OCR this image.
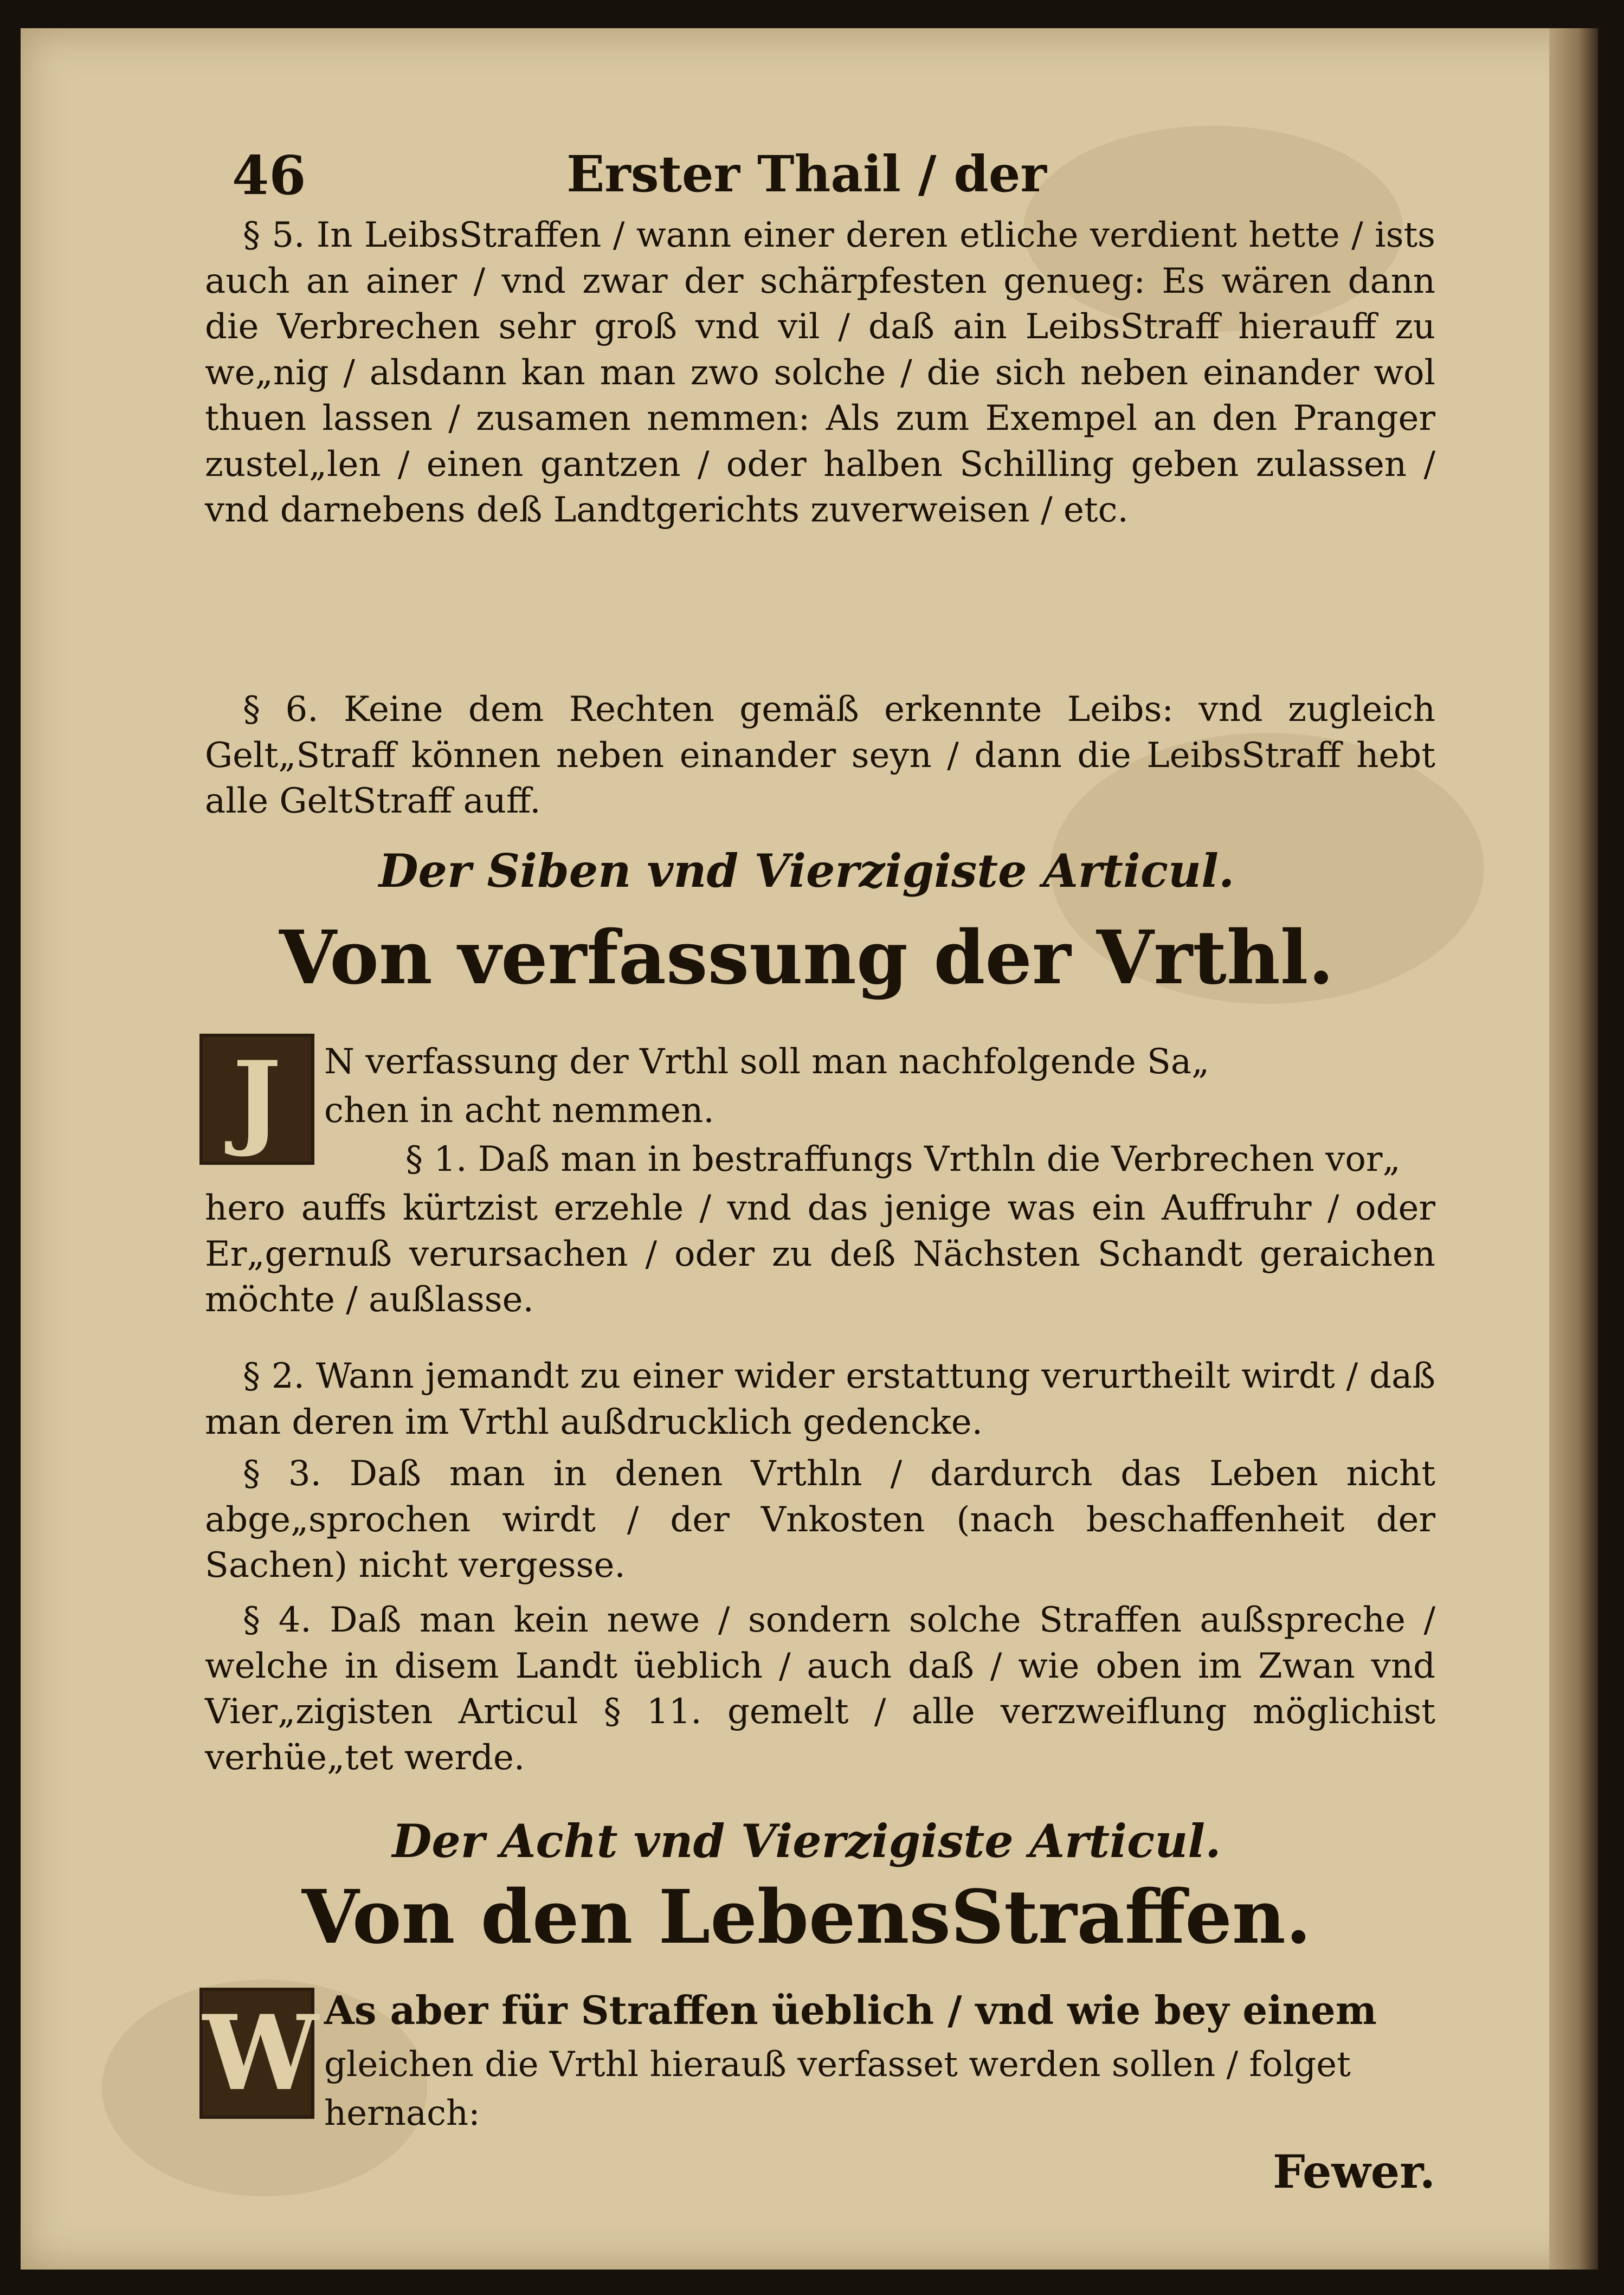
46	Erster Thail / der
§ 5. In LeibsStraffen / wann einer deren etliche verdient hette / ists auch an ainer / vnd zwar der schärpfesten genueg: Es wären dann die Verbrechen sehr groß vnd vil / daß ain LeibsStraff hierauff zu we„nig / alsdann kan man zwo solche / die sich neben einander wol thuen lassen / zusamen nemmen: Als zum Exempel an den Pranger zustel„len / einen gantzen / oder halben Schilling geben zulassen / vnd darnebens deß Landtgerichts zuverweisen / etc.
§ 6. Keine dem Rechten gemäß erkennte Leibs: vnd zugleich Gelt„Straff können neben einander seyn / dann die LeibsStraff hebt alle GeltStraff auff.
Der Siben vnd Vierzigiste Articul.
Von verfassung der Vrthl.
J	N verfassung der Vrthl soll man nachfolgende Sa„
chen in acht nemmen.
§ 1. Daß man in bestraffungs Vrthln die Verbrechen vor„
hero auffs kürtzist erzehle / vnd das jenige was ein Auffruhr / oder Er„gernuß verursachen / oder zu deß Nächsten Schandt geraichen möchte / außlasse.
§ 2. Wann jemandt zu einer wider erstattung verurtheilt wirdt / daß man deren im Vrthl außdrucklich gedencke.
§ 3. Daß man in denen Vrthln / dardurch das Leben nicht abge„sprochen wirdt / der Vnkosten (nach beschaffenheit der Sachen) nicht vergesse.
§ 4. Daß man kein newe / sondern solche Straffen außspreche / welche in disem Landt üeblich / auch daß / wie oben im Zwan vnd Vier„zigisten Articul § 11. gemelt / alle verzweiflung möglichist verhüe„tet werde.
Der Acht vnd Vierzigiste Articul.
Von den LebensStraffen.
W As aber für Straffen üeblich / vnd wie bey einem
gleichen die Vrthl hierauß verfasset werden sollen / folget
hernach:
Fewer.
